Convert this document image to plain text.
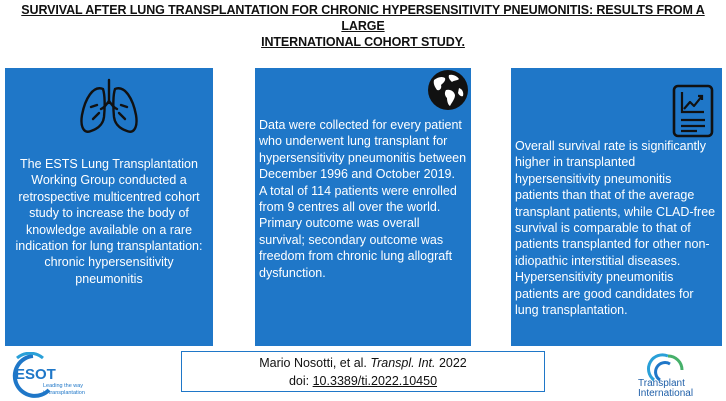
SURVIVAL AFTER LUNG TRANSPLANTATION FOR CHRONIC HYPERSENSITIVITY PNEUMONITIS: RESULTS FROM A LARGE
INTERNATIONAL COHORT STUDY.
The ESTS Lung Transplantation Working Group conducted a retrospective multicentred cohort study to increase the body of knowledge available on a rare indication for lung transplantation: chronic hypersensitivity pneumonitis

Data were collected for every patient who underwent lung transplant for hypersensitivity pneumonitis between December 1996 and October 2019.

A total of 114 patients were enrolled from 9 centres all over the world.

Primary outcome was overall survival; secondary outcome was freedom from chronic lung allograft dysfunction.

Overall survival rate is significantly higher in transplanted hypersensitivity pneumonitis patients than that of the average transplant patients, while CLAD-free survival is comparable to that of patients transplanted for other non-idiopathic interstitial diseases. Hypersensitivity pneumonitis patients are good candidates for lung transplantation.
Mario Nosotti, et al. Transpl. Int. 2022
doi: 10.3389/ti.2022.10450
ESOT
Leading the way
in transplantation
Transplant
International
